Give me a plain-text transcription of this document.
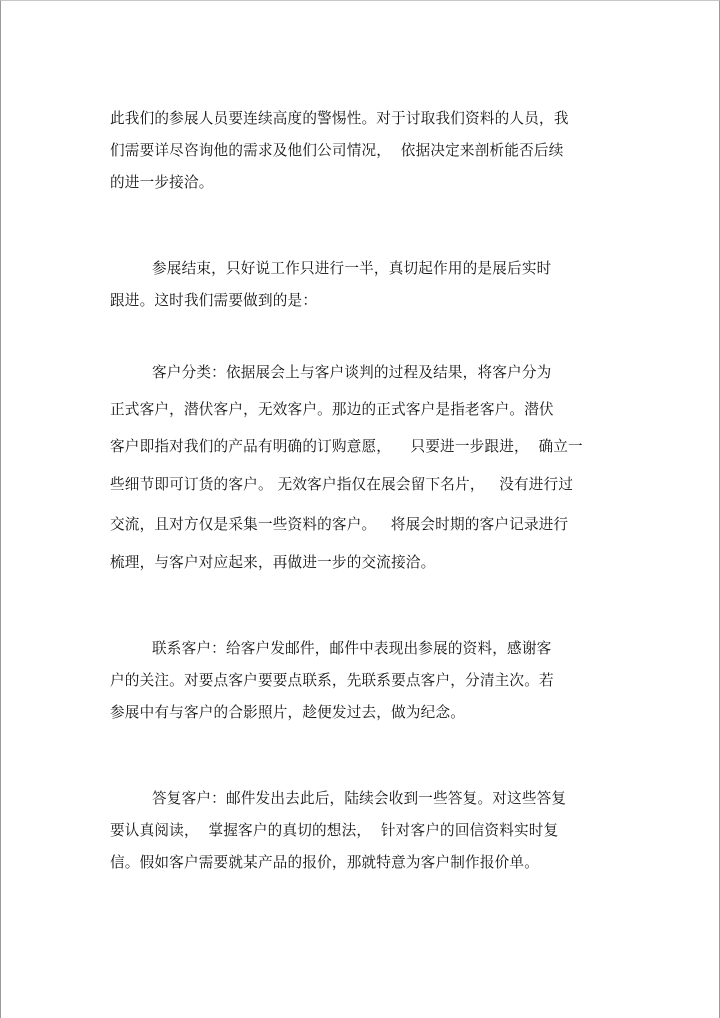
此我们的参展人员要连续高度的警惕性。对于讨取我们资料的人员，我
们需要详尽咨询他的需求及他们公司情况，  依据决定来剖析能否后续
的进一步接洽。
参展结束，只好说工作只进行一半，真切起作用的是展后实时
跟进。这时我们需要做到的是：
客户分类：依据展会上与客户谈判的过程及结果，将客户分为
正式客户，潜伏客户，无效客户。那边的正式客户是指老客户。潜伏
客户即指对我们的产品有明确的订购意愿，    只要进一步跟进，  确立一
些细节即可订货的客户。 无效客户指仅在展会留下名片，   没有进行过
交流，且对方仅是采集一些资料的客户。   将展会时期的客户记录进行
梳理，与客户对应起来，再做进一步的交流接洽。
联系客户：给客户发邮件，邮件中表现出参展的资料，感谢客
户的关注。对要点客户要要点联系，先联系要点客户，分清主次。若
参展中有与客户的合影照片，趁便发过去，做为纪念。
答复客户：邮件发出去此后，陆续会收到一些答复。对这些答复
要认真阅读，  掌握客户的真切的想法，  针对客户的回信资料实时复
信。假如客户需要就某产品的报价，那就特意为客户制作报价单。
